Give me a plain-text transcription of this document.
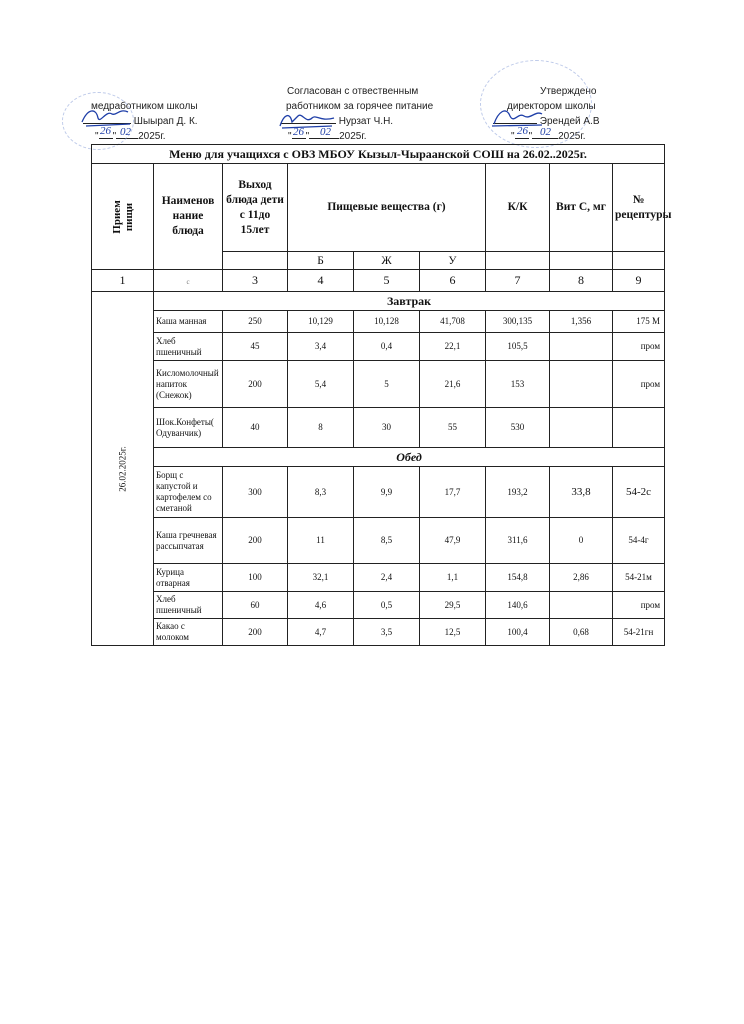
Согласован с отвественным	Утверждено
медработником школы	работником за горячее питание	директором школы
Шыырап Д. К.	Нурзат Ч.Н.	Эрендей А.В
" " 2025г.	" "	2025г.	" "	2025г.
26 02	26 02	26 02
Меню для учащихся с ОВЗ МБОУ Кызыл-Чыраанской СОШ на 26.02..2025г.								

Прием пищи	Наименов нание блюда	Выход блюда дети с 11до 15лет	Пищевые вещества (г)			К/К	Вит С, мг	№ рецептуры
			Б	Ж	У			
1	c	3	4	5	6	7	8	9

26.02.2025г.	Завтрак							
	Каша манная	250	10,129	10,128	41,708	300,135	1,356	175 М
	Хлеб пшеничный	45	3,4	0,4	22,1	105,5		пром
	Кисломолочный напиток (Снежок)	200	5,4	5	21,6	153		пром
	Шок.Конфеты( Одуванчик)	40	8	30	55	530		
	Обед							
	Борщ с капустой и картофелем со сметаной	300	8,3	9,9	17,7	193,2	33,8	54-2с
	Каша гречневая рассыпчатая	200	11	8,5	47,9	311,6	0	54-4г
	Курица отварная	100	32,1	2,4	1,1	154,8	2,86	54-21м
	Хлеб пшеничный	60	4,6	0,5	29,5	140,6		пром
	Какао с молоком	200	4,7	3,5	12,5	100,4	0,68	54-21гн
